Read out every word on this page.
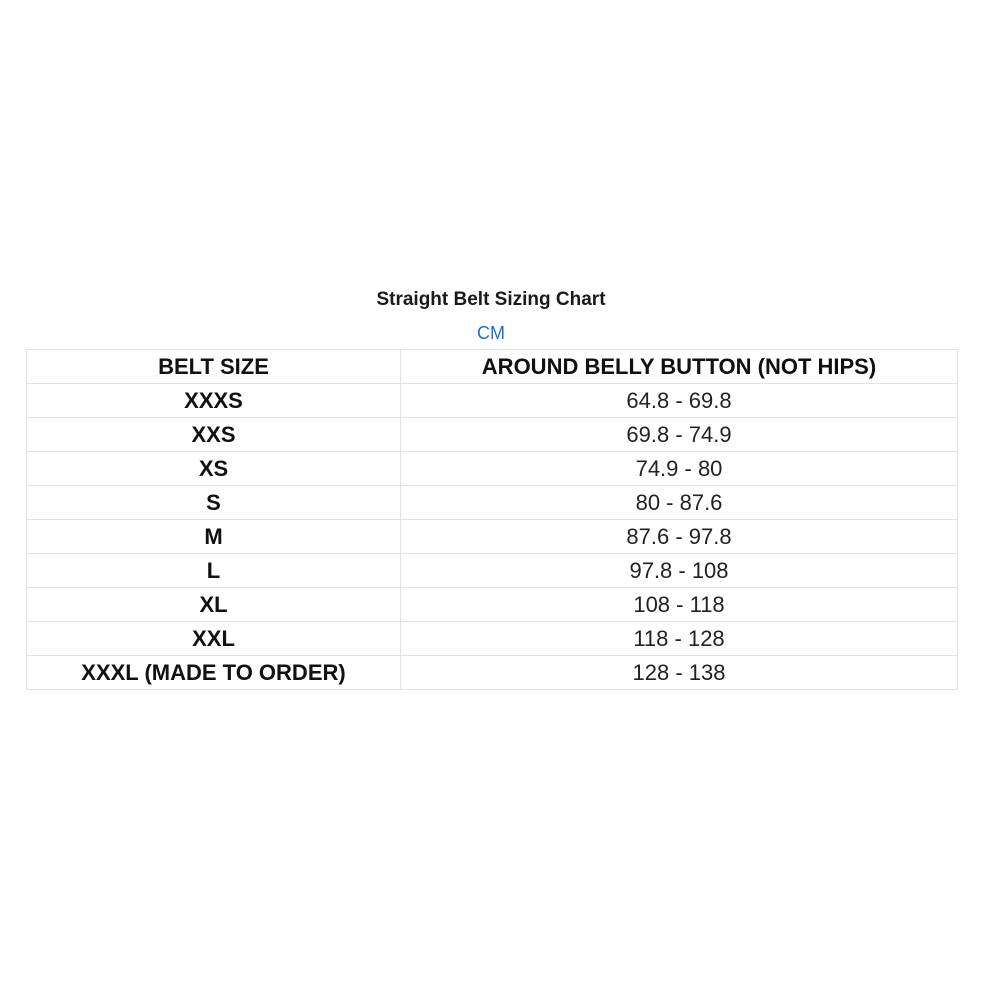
Straight Belt Sizing Chart
CM
BELT SIZE	AROUND BELLY BUTTON (NOT HIPS)
XXXS	64.8 - 69.8
XXS	69.8 - 74.9
XS	74.9 - 80
S	80 - 87.6
M	87.6 - 97.8
L	97.8 - 108
XL	108 - 118
XXL	118 - 128
XXXL (MADE TO ORDER)	128 - 138
